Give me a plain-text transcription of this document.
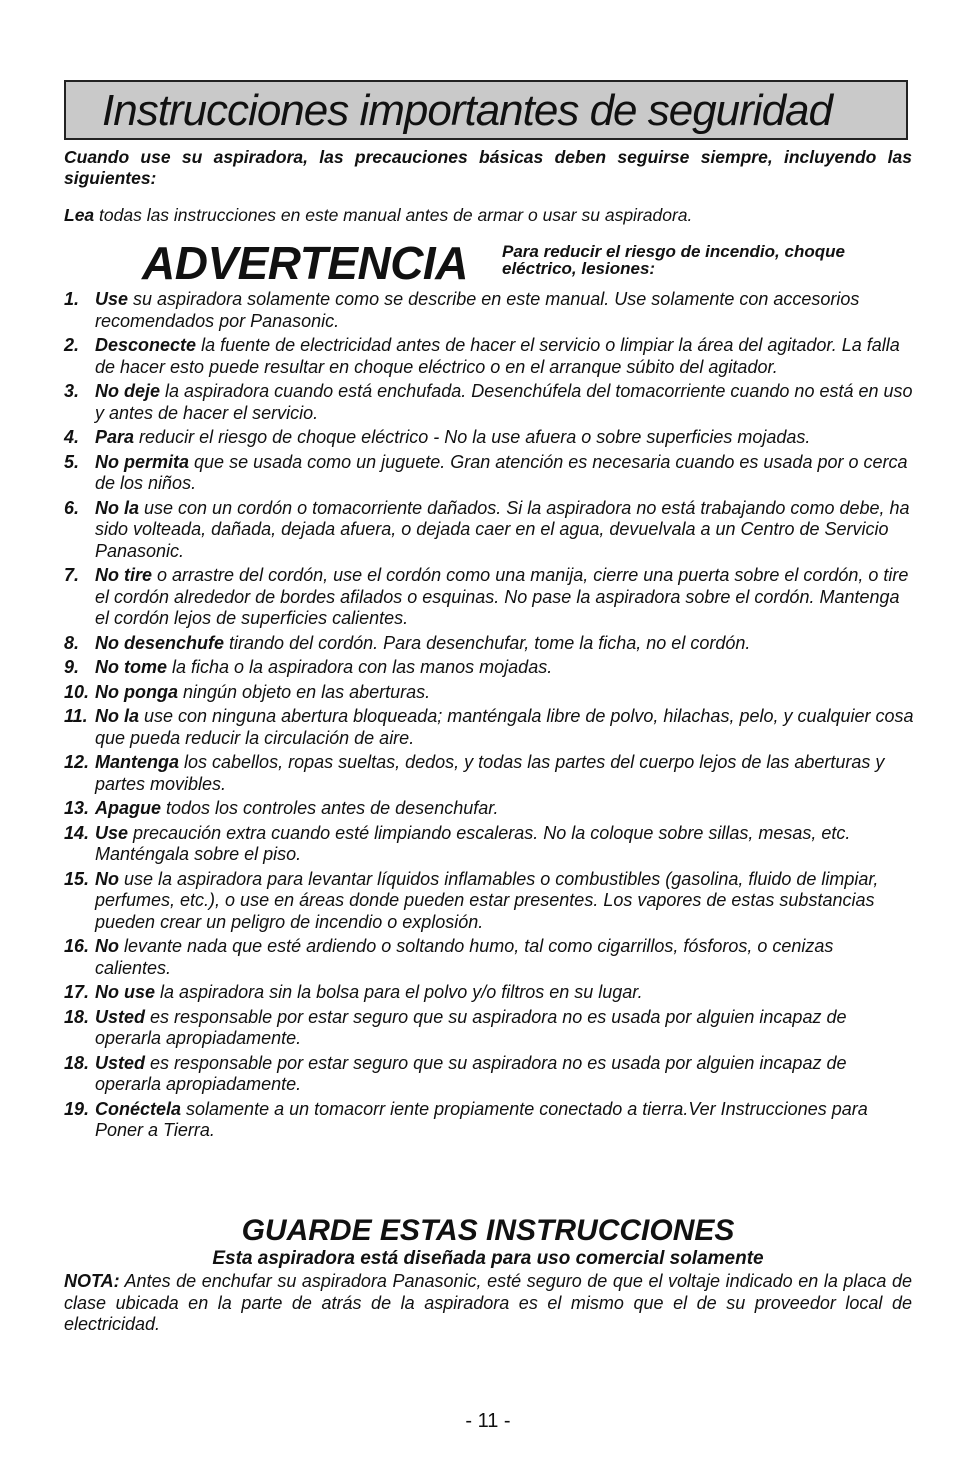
Instrucciones importantes de seguridad

Cuando use su aspiradora, las precauciones básicas deben seguirse siempre, incluyendo las siguientes:

Lea todas las instrucciones en este manual antes de armar o usar su aspiradora.

ADVERTENCIA Para reducir el riesgo de incendio, choque eléctrico, lesiones:
1. Use su aspiradora solamente como se describe en este manual. Use solamente con accesorios recomendados por Panasonic.
2. Desconecte la fuente de electricidad antes de hacer el servicio o limpiar la área del agitador. La falla de hacer esto puede resultar en choque eléctrico o en el arranque súbito del agitador.
3. No deje la aspiradora cuando está enchufada. Desenchúfela del tomacorriente cuando no está en uso y antes de hacer el servicio.
4. Para reducir el riesgo de choque eléctrico - No la use afuera o sobre superficies mojadas.
5. No permita que se usada como un juguete. Gran atención es necesaria cuando es usada por o cerca de los niños.
6. No la use con un cordón o tomacorriente dañados. Si la aspiradora no está trabajando como debe, ha sido volteada, dañada, dejada afuera, o dejada caer en el agua, devuelvala a un Centro de Servicio Panasonic.
7. No tire o arrastre del cordón, use el cordón como una manija, cierre una puerta sobre el cordón, o tire el cordón alrededor de bordes afilados o esquinas. No pase la aspiradora sobre el cordón. Mantenga el cordón lejos de superficies calientes.
8. No desenchufe tirando del cordón. Para desenchufar, tome la ficha, no el cordón.
9. No tome la ficha o la aspiradora con las manos mojadas.
10. No ponga ningún objeto en las aberturas.
11. No la use con ninguna abertura bloqueada; manténgala libre de polvo, hilachas, pelo, y cualquier cosa que pueda reducir la circulación de aire.
12. Mantenga los cabellos, ropas sueltas, dedos, y todas las partes del cuerpo lejos de las aberturas y partes movibles.
13. Apague todos los controles antes de desenchufar.
14. Use precaución extra cuando esté limpiando escaleras. No la coloque sobre sillas, mesas, etc. Manténgala sobre el piso.
15. No use la aspiradora para levantar líquidos inflamables o combustibles (gasolina, fluido de limpiar, perfumes, etc.), o use en áreas donde pueden estar presentes. Los vapores de estas substancias pueden crear un peligro de incendio o explosión.
16. No levante nada que esté ardiendo o soltando humo, tal como cigarrillos, fósforos, o cenizas calientes.
17. No use la aspiradora sin la bolsa para el polvo y/o filtros en su lugar.
18. Usted es responsable por estar seguro que su aspiradora no es usada por alguien incapaz de operarla apropiadamente.
18. Usted es responsable por estar seguro que su aspiradora no es usada por alguien incapaz de operarla apropiadamente.
19. Conéctela solamente a un tomacorr iente propiamente conectado a tierra.Ver Instrucciones para Poner a Tierra.
GUARDE ESTAS INSTRUCCIONES
Esta aspiradora está diseñada para uso comercial solamente

NOTA: Antes de enchufar su aspiradora Panasonic, esté seguro de que el voltaje indicado en la placa de clase ubicada en la parte de atrás de la aspiradora es el mismo que el de su proveedor local de electricidad.

- 11 -
